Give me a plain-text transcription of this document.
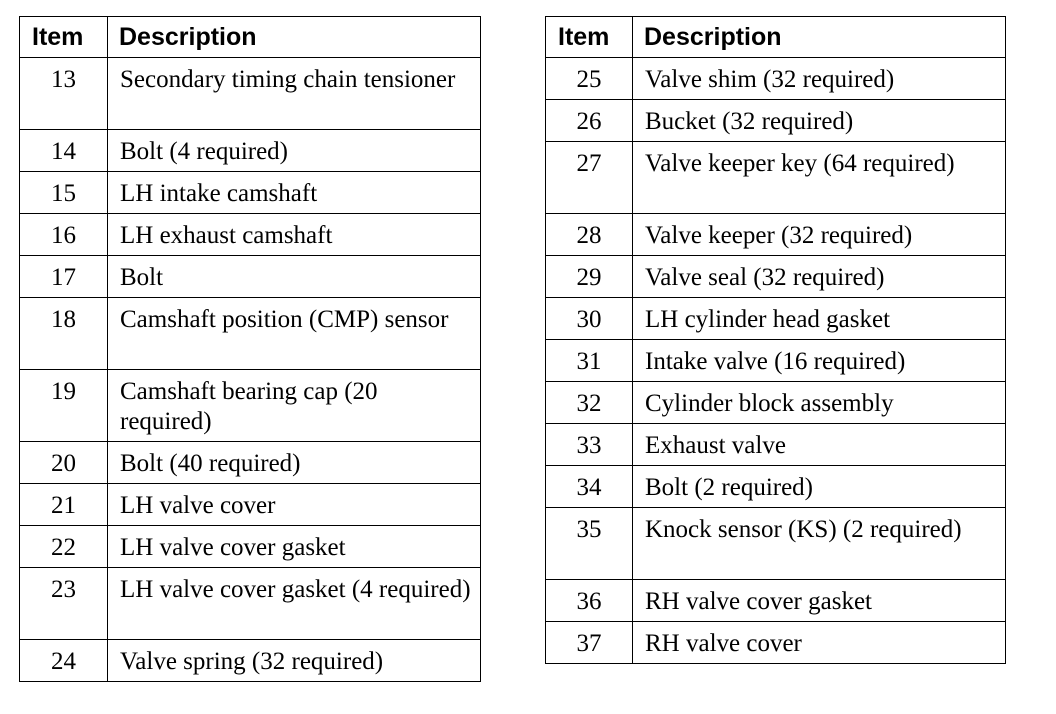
Item	Description
13	Secondary timing chain tensioner
14	Bolt (4 required)
15	LH intake camshaft
16	LH exhaust camshaft
17	Bolt
18	Camshaft position (CMP) sensor
19	Camshaft bearing cap (20 required)
20	Bolt (40 required)
21	LH valve cover
22	LH valve cover gasket
23	LH valve cover gasket (4 required)
24	Valve spring (32 required)
Item	Description
25	Valve shim (32 required)
26	Bucket (32 required)
27	Valve keeper key (64 required)
28	Valve keeper (32 required)
29	Valve seal (32 required)
30	LH cylinder head gasket
31	Intake valve (16 required)
32	Cylinder block assembly
33	Exhaust valve
34	Bolt (2 required)
35	Knock sensor (KS) (2 required)
36	RH valve cover gasket
37	RH valve cover
